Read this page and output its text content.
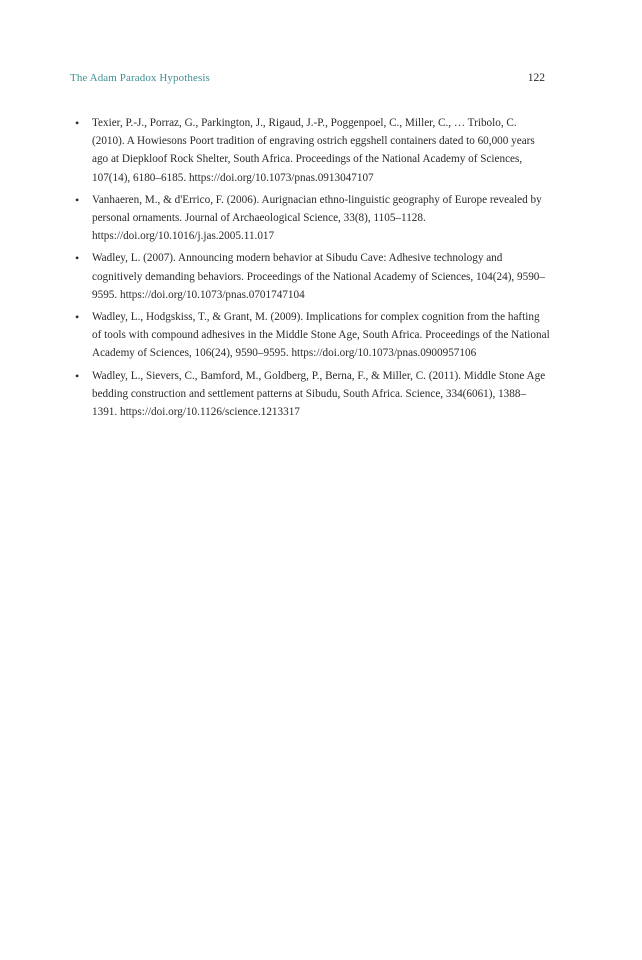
The Adam Paradox Hypothesis	122
• Texier, P.-J., Porraz, G., Parkington, J., Rigaud, J.-P., Poggenpoel, C., Miller, C., … Tribolo, C. (2010). A Howiesons Poort tradition of engraving ostrich eggshell containers dated to 60,000 years ago at Diepkloof Rock Shelter, South Africa. Proceedings of the National Academy of Sciences, 107(14), 6180–6185. https://doi.org/10.1073/pnas.0913047107
• Vanhaeren, M., & d'Errico, F. (2006). Aurignacian ethno-linguistic geography of Europe revealed by personal ornaments. Journal of Archaeological Science, 33(8), 1105–1128. https://doi.org/10.1016/j.jas.2005.11.017
• Wadley, L. (2007). Announcing modern behavior at Sibudu Cave: Adhesive technology and cognitively demanding behaviors. Proceedings of the National Academy of Sciences, 104(24), 9590–9595. https://doi.org/10.1073/pnas.0701747104
• Wadley, L., Hodgskiss, T., & Grant, M. (2009). Implications for complex cognition from the hafting of tools with compound adhesives in the Middle Stone Age, South Africa. Proceedings of the National Academy of Sciences, 106(24), 9590–9595. https://doi.org/10.1073/pnas.0900957106
• Wadley, L., Sievers, C., Bamford, M., Goldberg, P., Berna, F., & Miller, C. (2011). Middle Stone Age bedding construction and settlement patterns at Sibudu, South Africa. Science, 334(6061), 1388–1391. https://doi.org/10.1126/science.1213317
